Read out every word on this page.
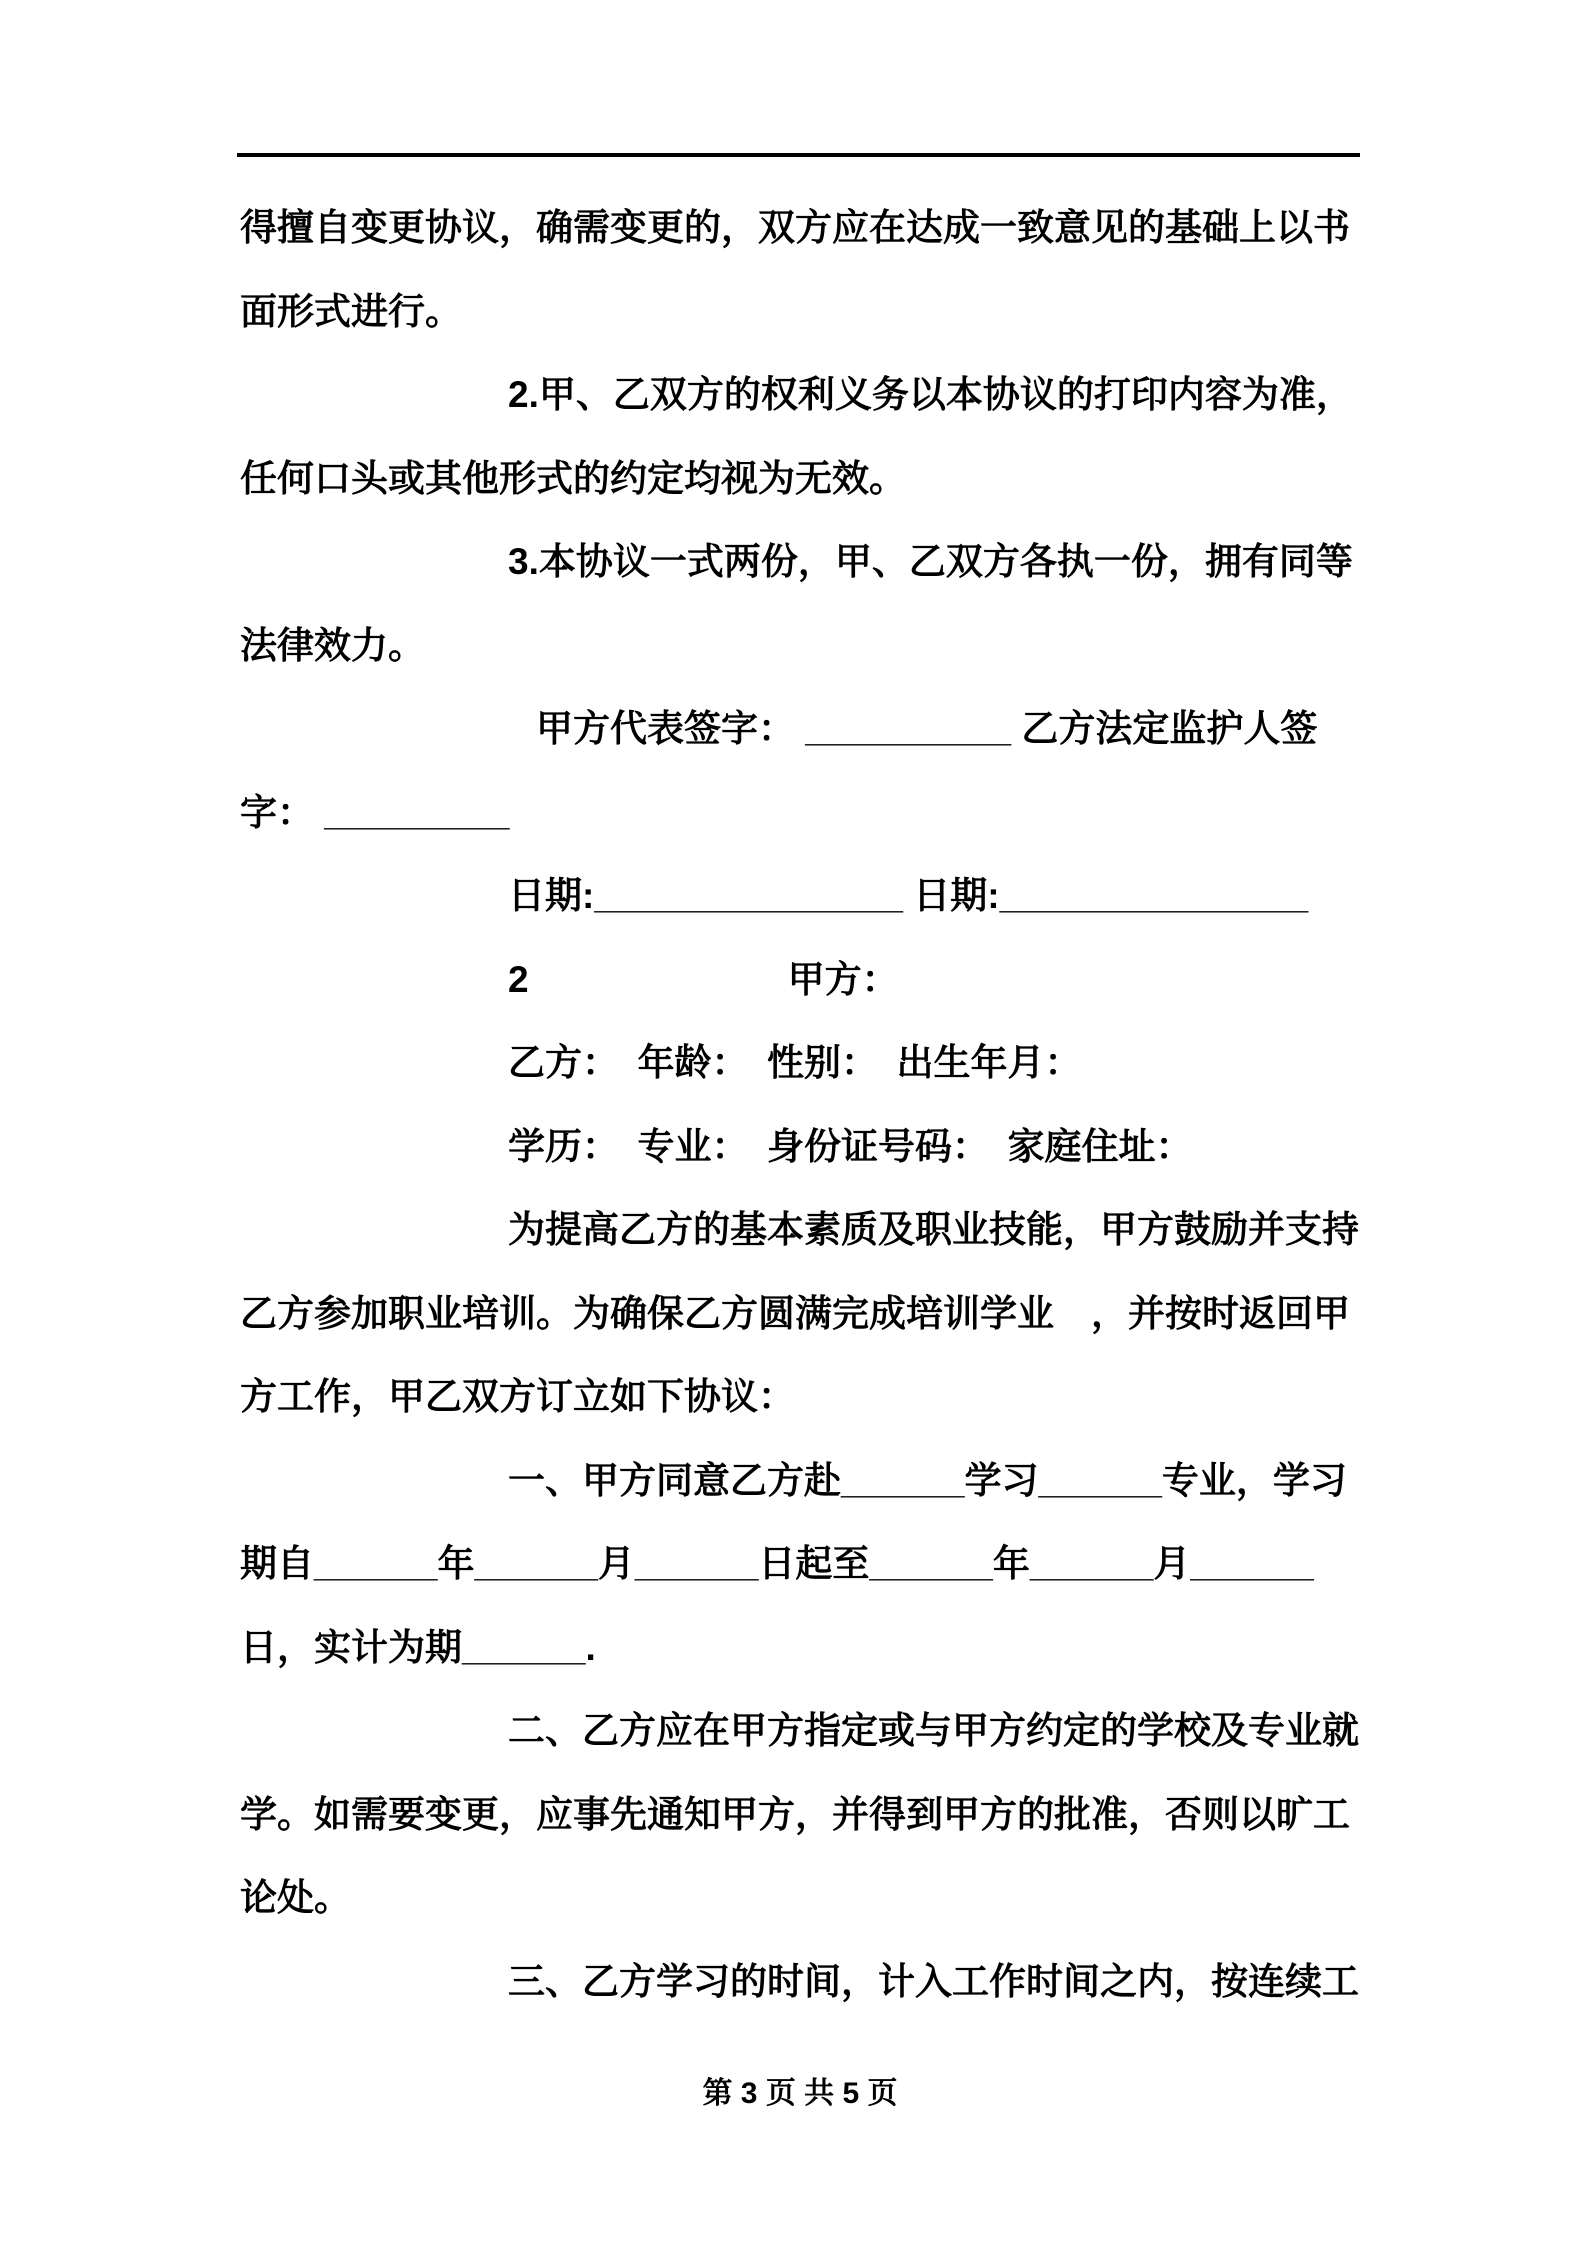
得擅自变更协议，确需变更的，双方应在达成一致意见的基础上以书
面形式进行。
2.甲、乙双方的权利义务以本协议的打印内容为准，
任何口头或其他形式的约定均视为无效。
3.本协议一式两份，甲、乙双方各执一份，拥有同等
法律效力。
甲方代表签字： __________ 乙方法定监护人签
字： _________
日期:_______________ 日期:_______________
2　　　　　　　甲方：
乙方：　年龄：　性别：　出生年月：
学历：　专业：　身份证号码：　家庭住址：
为提高乙方的基本素质及职业技能，甲方鼓励并支持
乙方参加职业培训。为确保乙方圆满完成培训学业　，并按时返回甲
方工作，甲乙双方订立如下协议：
一、甲方同意乙方赴______学习______专业，学习
期自______年______月______日起至______年______月______
日，实计为期______.
二、乙方应在甲方指定或与甲方约定的学校及专业就
学。如需要变更，应事先通知甲方，并得到甲方的批准，否则以旷工
论处。
三、乙方学习的时间，计入工作时间之内，按连续工
第 3 页 共 5 页
